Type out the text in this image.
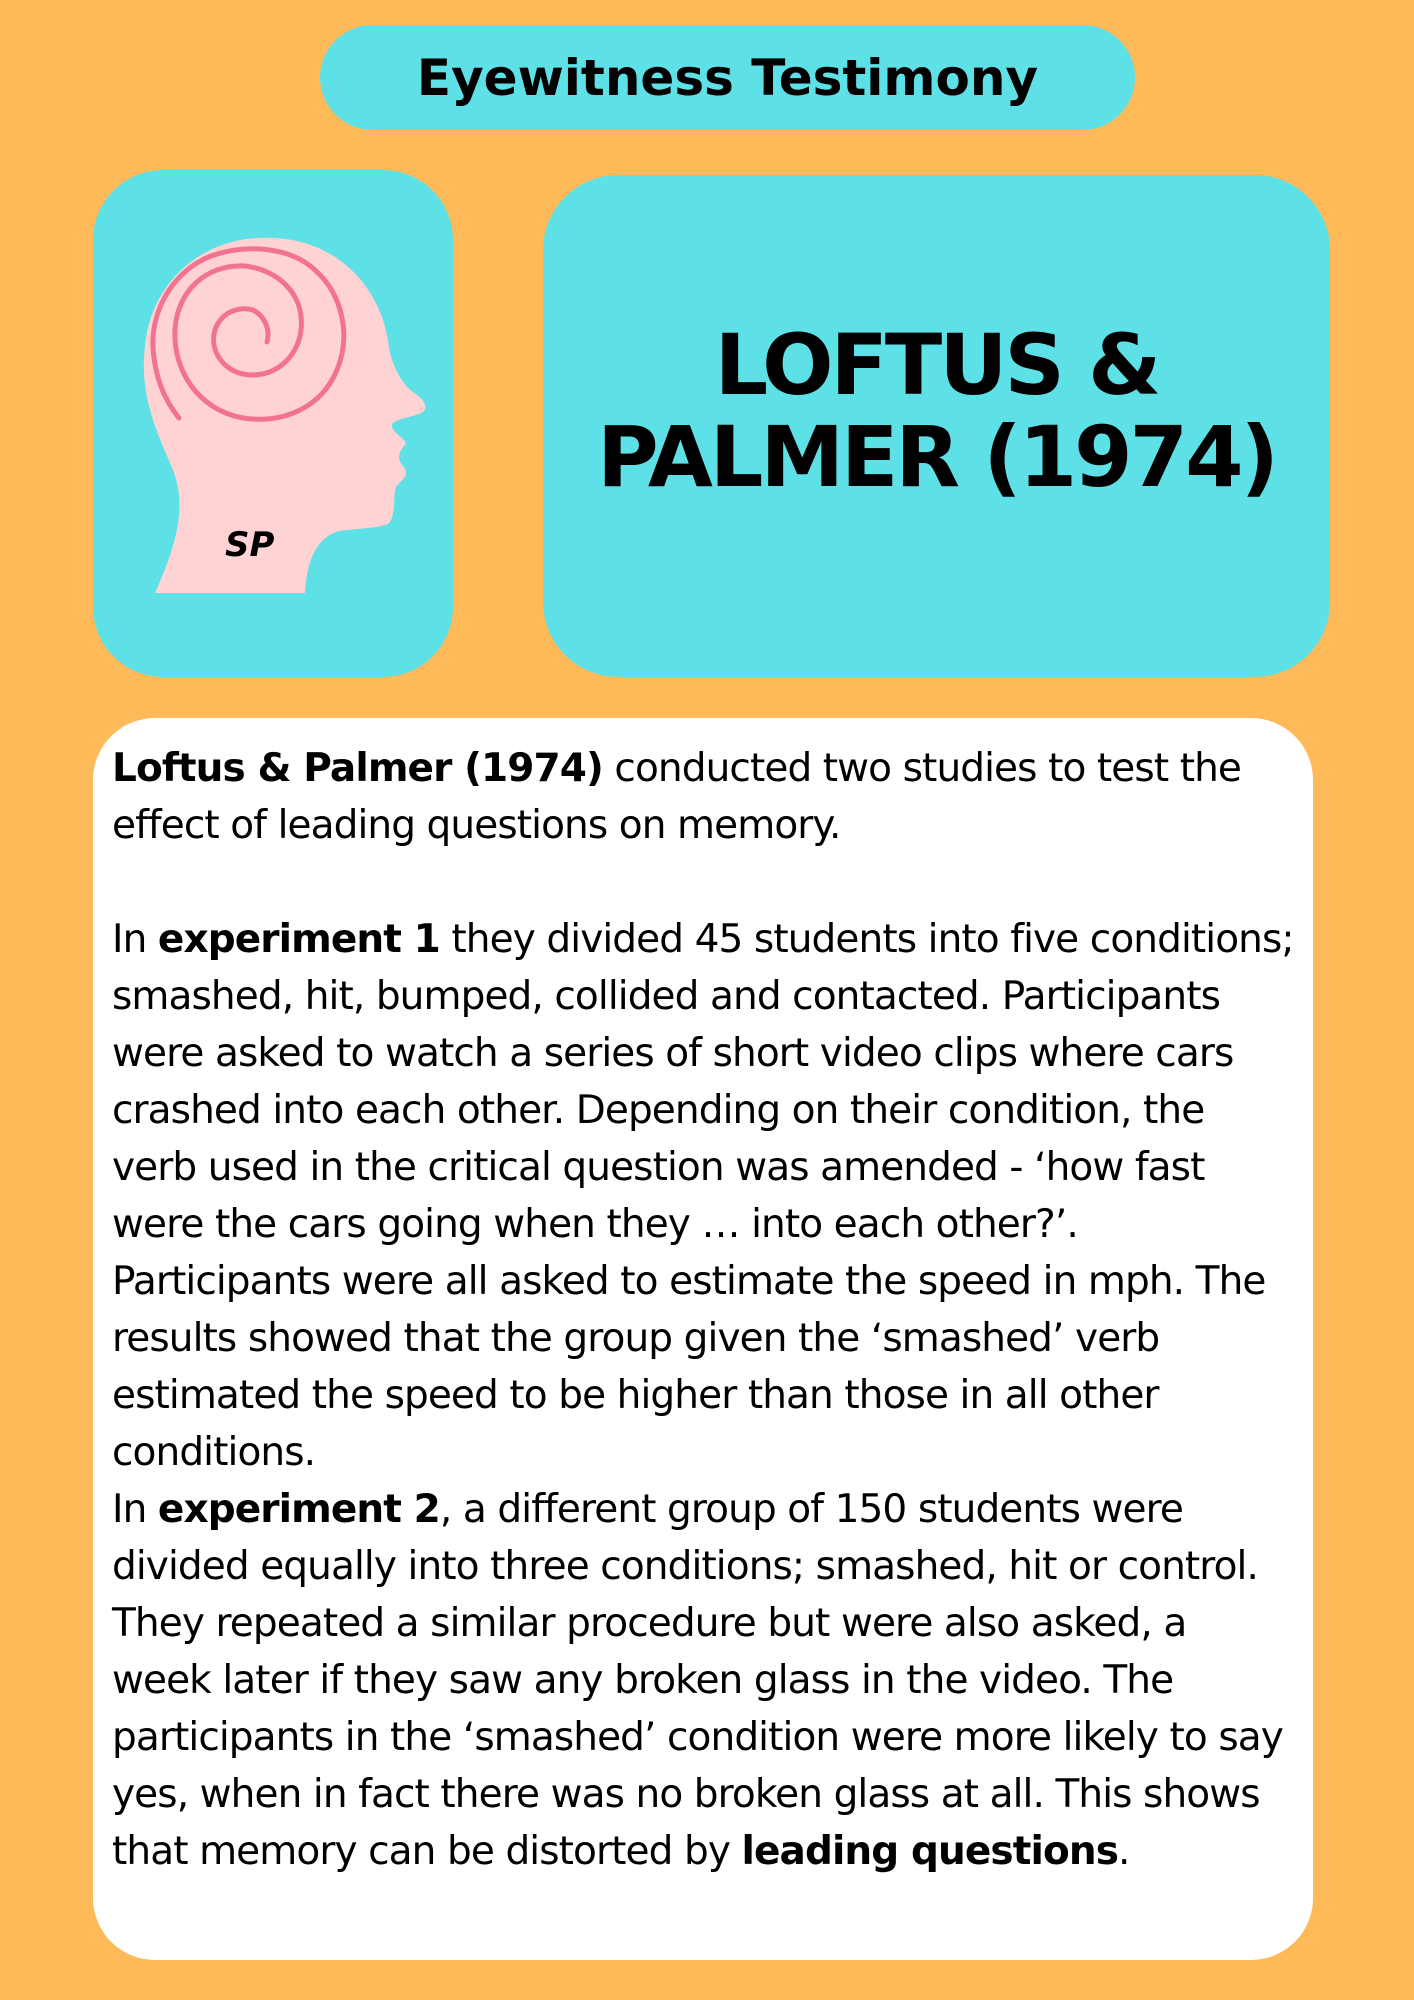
Eyewitness Testimony
SP
LOFTUS & PALMER (1974)

Loftus & Palmer (1974) conducted two studies to test the effect of leading questions on memory.

In experiment 1 they divided 45 students into five conditions; smashed, hit, bumped, collided and contacted. Participants were asked to watch a series of short video clips where cars crashed into each other. Depending on their condition, the verb used in the critical question was amended - ‘how fast were the cars going when they … into each other?’. Participants were all asked to estimate the speed in mph. The results showed that the group given the ‘smashed’ verb estimated the speed to be higher than those in all other conditions.

In experiment 2, a different group of 150 students were divided equally into three conditions; smashed, hit or control. They repeated a similar procedure but were also asked, a week later if they saw any broken glass in the video. The participants in the ‘smashed’ condition were more likely to say yes, when in fact there was no broken glass at all. This shows that memory can be distorted by leading questions.
